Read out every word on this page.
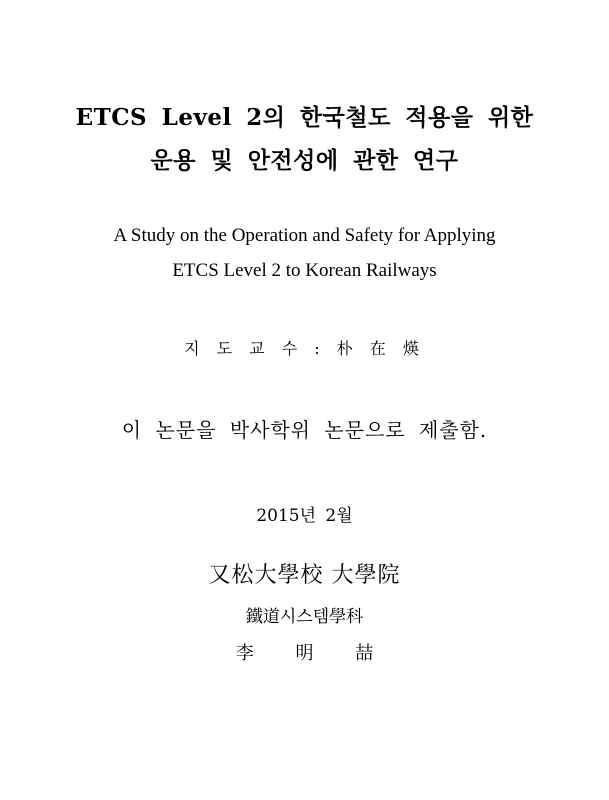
ETCS Level 2의 한국철도 적용을 위한
운용 및 안전성에 관한 연구
A Study on the Operation and Safety for Applying
ETCS Level 2 to Korean Railways
지 도 교 수 : 朴 在 煐
이 논문을 박사학위 논문으로 제출함.
2015년 2월
又松大學校 大學院
鐵道시스템學科
李 明 喆
